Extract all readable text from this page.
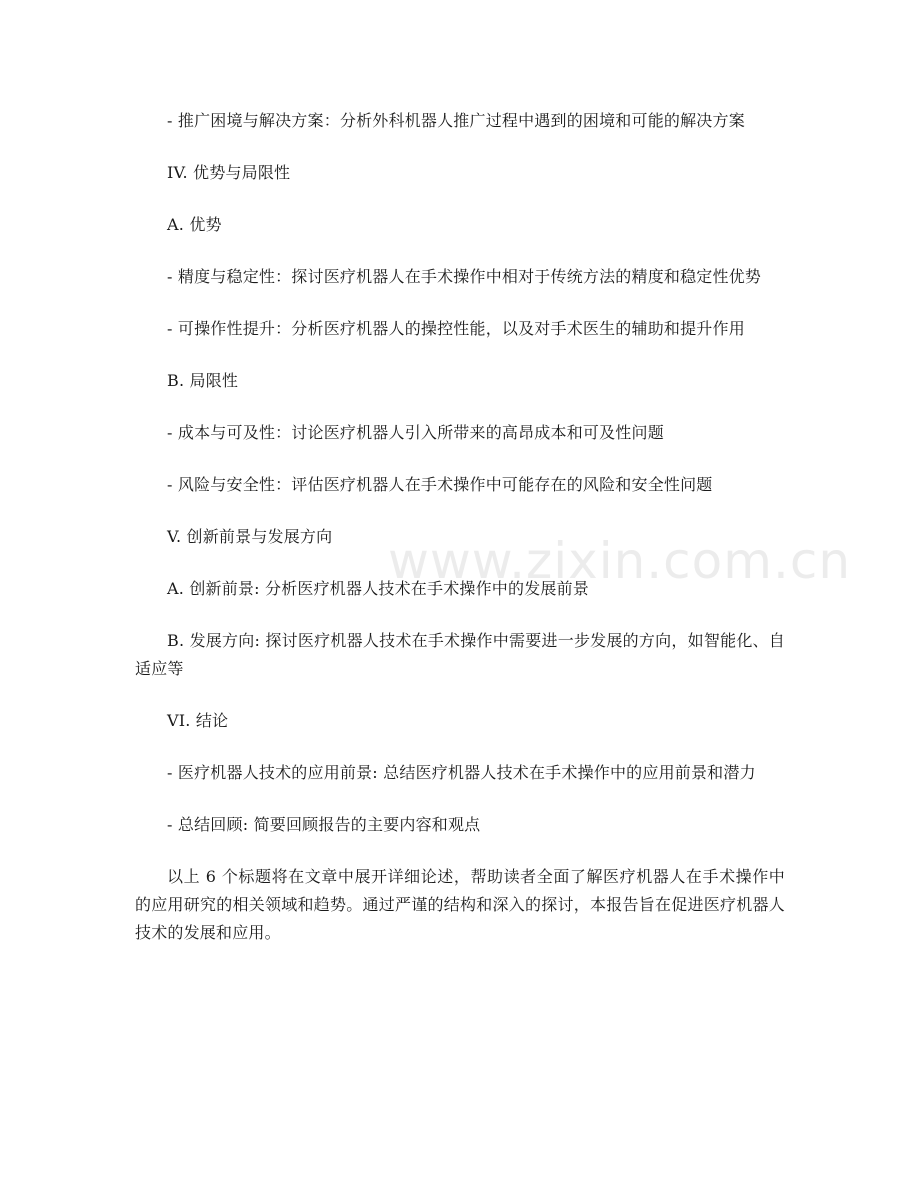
www.zixin.com.cn

- 推广困境与解决方案：分析外科机器人推广过程中遇到的困境和可能的解决方案

IV. 优势与局限性

A. 优势

- 精度与稳定性：探讨医疗机器人在手术操作中相对于传统方法的精度和稳定性优势

- 可操作性提升：分析医疗机器人的操控性能，以及对手术医生的辅助和提升作用

B. 局限性

- 成本与可及性：讨论医疗机器人引入所带来的高昂成本和可及性问题

- 风险与安全性：评估医疗机器人在手术操作中可能存在的风险和安全性问题

V. 创新前景与发展方向

A. 创新前景: 分析医疗机器人技术在手术操作中的发展前景

B. 发展方向: 探讨医疗机器人技术在手术操作中需要进一步发展的方向，如智能化、自适应等

VI. 结论

- 医疗机器人技术的应用前景: 总结医疗机器人技术在手术操作中的应用前景和潜力

- 总结回顾: 简要回顾报告的主要内容和观点

以上 6 个标题将在文章中展开详细论述，帮助读者全面了解医疗机器人在手术操作中的应用研究的相关领域和趋势。通过严谨的结构和深入的探讨，本报告旨在促进医疗机器人技术的发展和应用。
